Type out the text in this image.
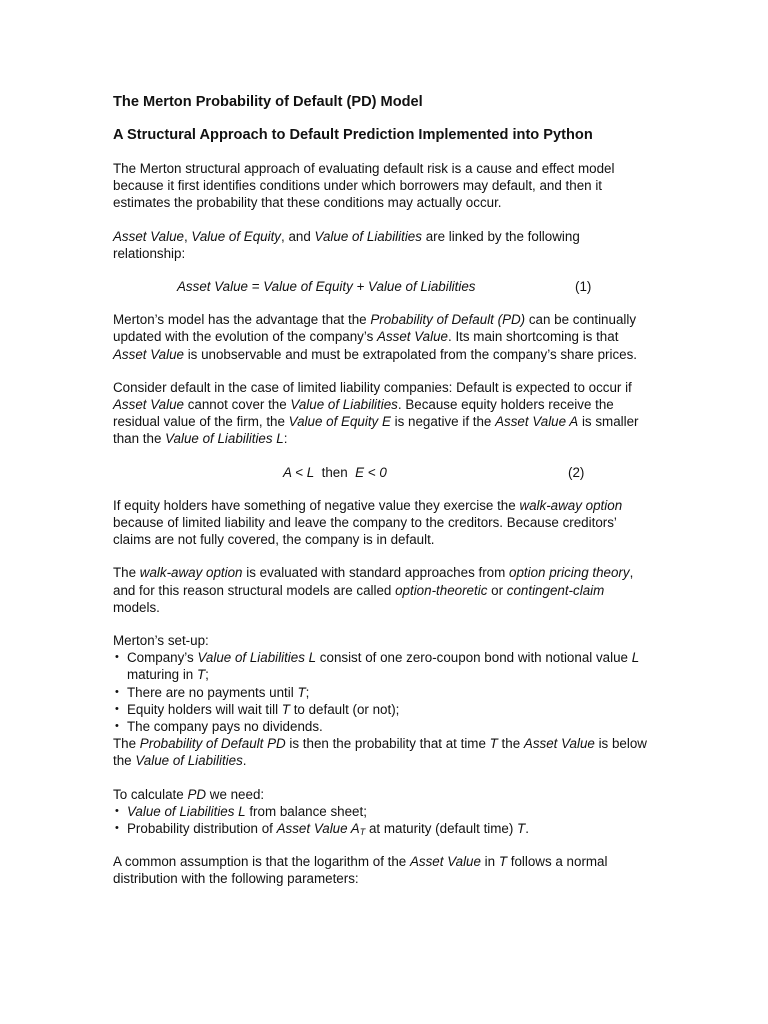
The Merton Probability of Default (PD) Model

A Structural Approach to Default Prediction Implemented into Python

The Merton structural approach of evaluating default risk is a cause and effect model because it first identifies conditions under which borrowers may default, and then it estimates the probability that these conditions may actually occur.

Asset Value, Value of Equity, and Value of Liabilities are linked by the following relationship:

Asset Value = Value of Equity + Value of Liabilities	(1)

Merton’s model has the advantage that the Probability of Default (PD) can be continually updated with the evolution of the company’s Asset Value. Its main shortcoming is that Asset Value is unobservable and must be extrapolated from the company’s share prices.

Consider default in the case of limited liability companies: Default is expected to occur if Asset Value cannot cover the Value of Liabilities. Because equity holders receive the residual value of the firm, the Value of Equity E is negative if the Asset Value A is smaller than the Value of Liabilities L:

A < L then E < 0	(2)

If equity holders have something of negative value they exercise the walk-away option because of limited liability and leave the company to the creditors. Because creditors’ claims are not fully covered, the company is in default.

The walk-away option is evaluated with standard approaches from option pricing theory, and for this reason structural models are called option-theoretic or contingent-claim models.

Merton’s set-up:

• Company’s Value of Liabilities L consist of one zero-coupon bond with notional value L maturing in T;
• There are no payments until T;
• Equity holders will wait till T to default (or not);
• The company pays no dividends.

The Probability of Default PD is then the probability that at time T the Asset Value is below the Value of Liabilities.

To calculate PD we need:

• Value of Liabilities L from balance sheet;
• Probability distribution of Asset Value $A_T$ at maturity (default time) T.

A common assumption is that the logarithm of the Asset Value in T follows a normal distribution with the following parameters:
